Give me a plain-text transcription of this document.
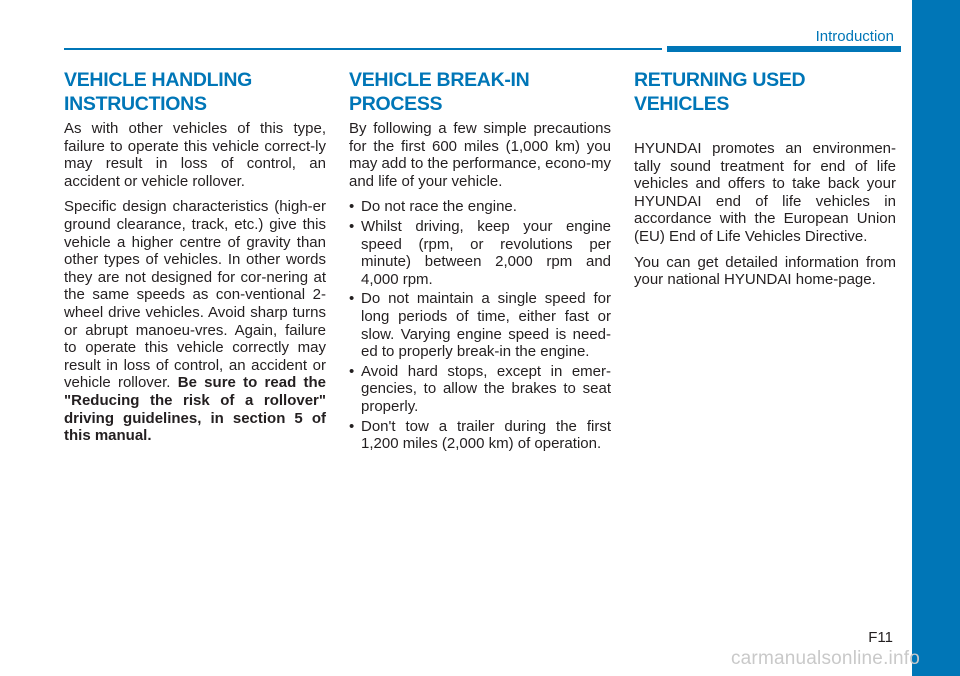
Introduction
VEHICLE HANDLING
INSTRUCTIONS

As with other vehicles of this type, failure to operate this vehicle correct-ly may result in loss of control, an accident or vehicle rollover.

Specific design characteristics (high-er ground clearance, track, etc.) give this vehicle a higher centre of gravity than other types of vehicles. In other words they are not designed for cor-nering at the same speeds as con-ventional 2-wheel drive vehicles. Avoid sharp turns or abrupt manoeu-vres. Again, failure to operate this vehicle correctly may result in loss of control, an accident or vehicle rollover. Be sure to read the "Reducing the risk of a rollover" driving guidelines, in section 5 of this manual.

VEHICLE BREAK-IN
PROCESS

By following a few simple precautions for the first 600 miles (1,000 km) you may add to the performance, econo-my and life of your vehicle.

• Do not race the engine.
• Whilst driving, keep your engine speed (rpm, or revolutions per minute) between 2,000 rpm and 4,000 rpm.
• Do not maintain a single speed for long periods of time, either fast or slow. Varying engine speed is need-ed to properly break-in the engine.
• Avoid hard stops, except in emer-gencies, to allow the brakes to seat properly.
• Don't tow a trailer during the first 1,200 miles (2,000 km) of operation.
RETURNING USED VEHICLES

HYUNDAI promotes an environmen-tally sound treatment for end of life vehicles and offers to take back your HYUNDAI end of life vehicles in accordance with the European Union (EU) End of Life Vehicles Directive.

You can get detailed information from your national HYUNDAI home-page.

F11
carmanualsonline.info
